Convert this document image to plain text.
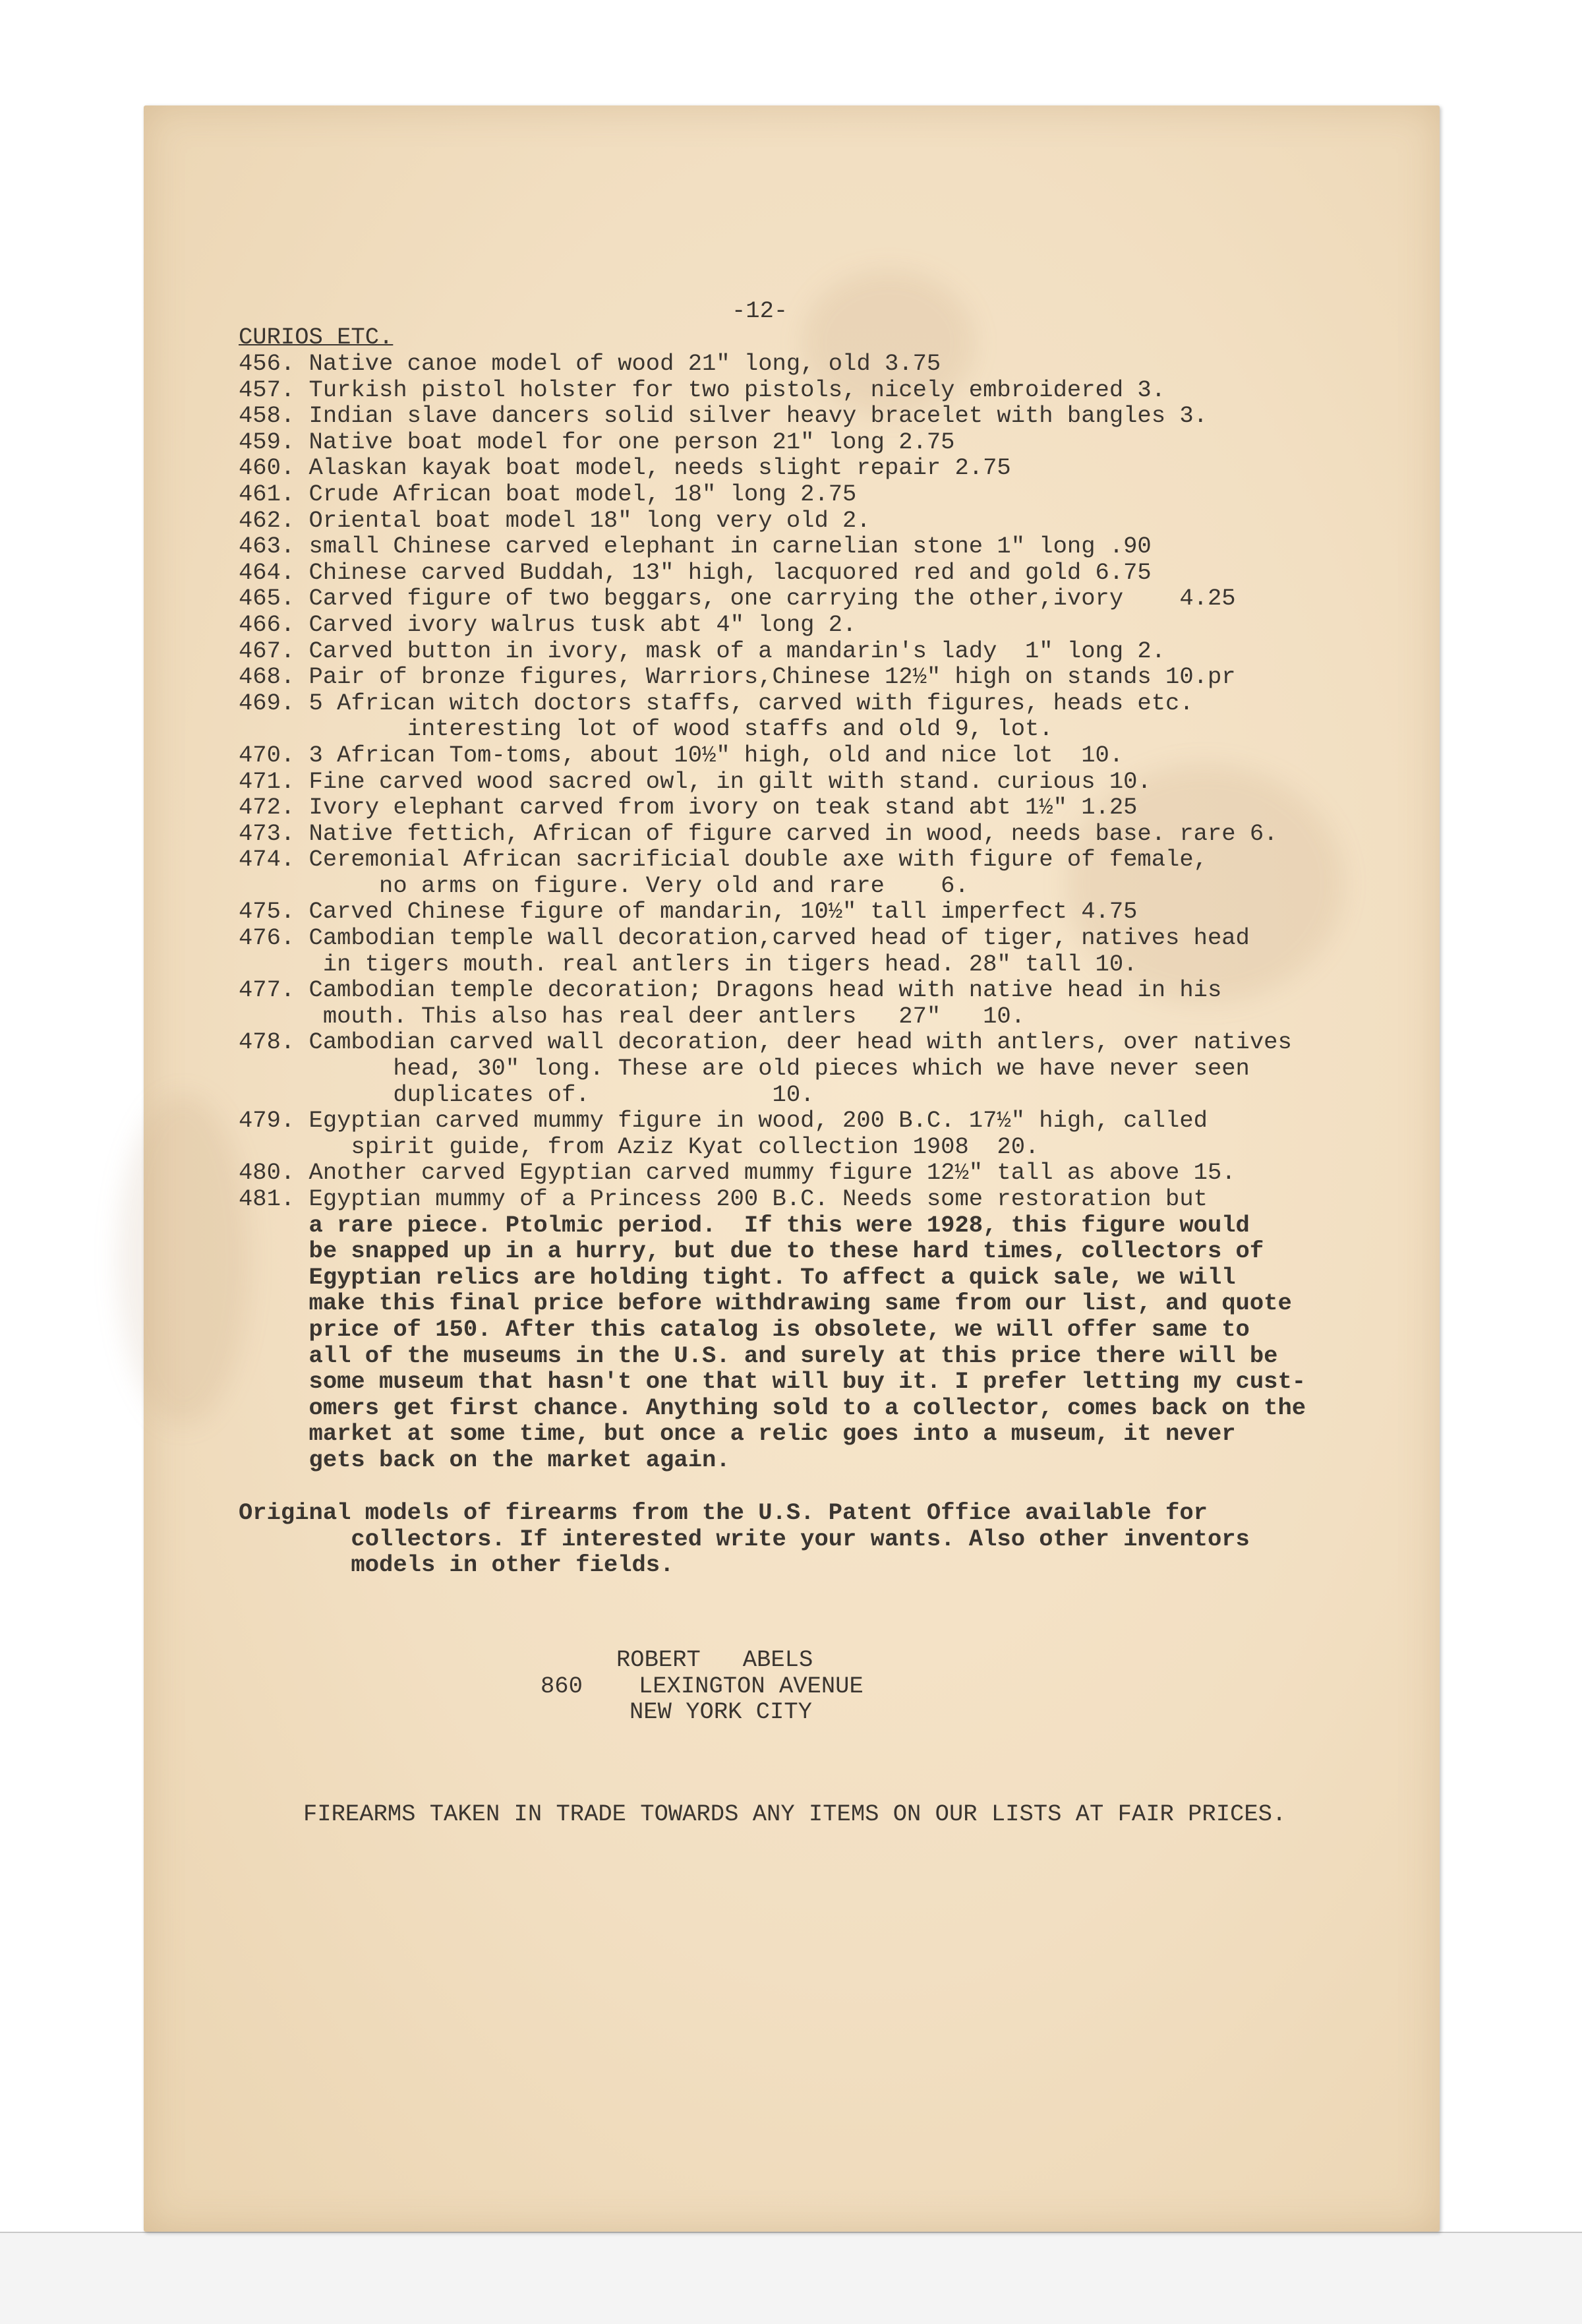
-12-
CURIOS ETC.
456. Native canoe model of wood 21" long, old 3.75
457. Turkish pistol holster for two pistols, nicely embroidered 3.
458. Indian slave dancers solid silver heavy bracelet with bangles 3.
459. Native boat model for one person 21" long 2.75
460. Alaskan kayak boat model, needs slight repair 2.75
461. Crude African boat model, 18" long 2.75
462. Oriental boat model 18" long very old 2.
463. small Chinese carved elephant in carnelian stone 1" long .90
464. Chinese carved Buddah, 13" high, lacquored red and gold 6.75
465. Carved figure of two beggars, one carrying the other,ivory    4.25
466. Carved ivory walrus tusk abt 4" long 2.
467. Carved button in ivory, mask of a mandarin's lady  1" long 2.
468. Pair of bronze figures, Warriors,Chinese 12½" high on stands 10.pr
469. 5 African witch doctors staffs, carved with figures, heads etc.
interesting lot of wood staffs and old 9, lot.
470. 3 African Tom-toms, about 10½" high, old and nice lot  10.
471. Fine carved wood sacred owl, in gilt with stand. curious 10.
472. Ivory elephant carved from ivory on teak stand abt 1½" 1.25
473. Native fettich, African of figure carved in wood, needs base. rare 6.
474. Ceremonial African sacrificial double axe with figure of female,
no arms on figure. Very old and rare    6.
475. Carved Chinese figure of mandarin, 10½" tall imperfect 4.75
476. Cambodian temple wall decoration,carved head of tiger, natives head
in tigers mouth. real antlers in tigers head. 28" tall 10.
477. Cambodian temple decoration; Dragons head with native head in his
mouth. This also has real deer antlers   27"   10.
478. Cambodian carved wall decoration, deer head with antlers, over natives
head, 30" long. These are old pieces which we have never seen
duplicates of.             10.
479. Egyptian carved mummy figure in wood, 200 B.C. 17½" high, called
spirit guide, from Aziz Kyat collection 1908  20.
480. Another carved Egyptian carved mummy figure 12½" tall as above 15.
481. Egyptian mummy of a Princess 200 B.C. Needs some restoration but
a rare piece. Ptolmic period.  If this were 1928, this figure would
be snapped up in a hurry, but due to these hard times, collectors of
Egyptian relics are holding tight. To affect a quick sale, we will
make this final price before withdrawing same from our list, and quote
price of 150. After this catalog is obsolete, we will offer same to
all of the museums in the U.S. and surely at this price there will be
some museum that hasn't one that will buy it. I prefer letting my cust-
omers get first chance. Anything sold to a collector, comes back on the
market at some time, but once a relic goes into a museum, it never
gets back on the market again.
Original models of firearms from the U.S. Patent Office available for
collectors. If interested write your wants. Also other inventors
models in other fields.
ROBERT   ABELS
860 LEXINGTON AVENUE
NEW YORK CITY
FIREARMS TAKEN IN TRADE TOWARDS ANY ITEMS ON OUR LISTS AT FAIR PRICES.
